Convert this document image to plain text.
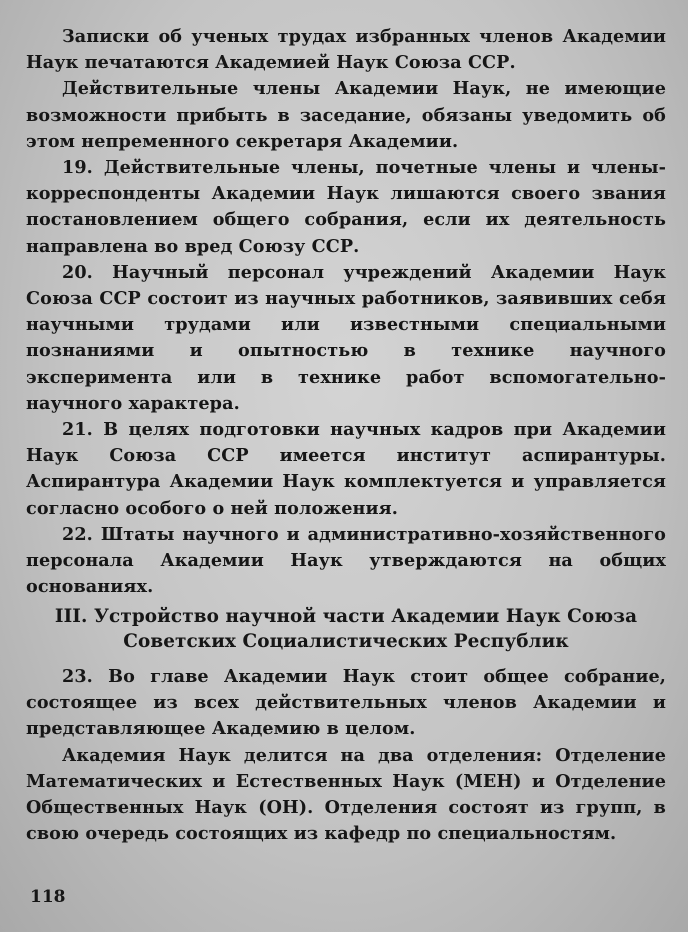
Записки об ученых трудах избранных членов Академии Наук печатаются Академией Наук Союза ССР.

Действительные члены Академии Наук, не имеющие возможности прибыть в заседание, обязаны уведомить об этом непременного секретаря Академии.

19. Действительные члены, почетные члены и члены-корреспонденты Академии Наук лишаются своего звания постановлением общего собрания, если их деятельность направлена во вред Союзу ССР.

20. Научный персонал учреждений Академии Наук Союза ССР состоит из научных работников, заявивших себя научными трудами или известными специальными познаниями и опытностью в технике научного эксперимента или в технике работ вспомогательно-научного характера.

21. В целях подготовки научных кадров при Академии Наук Союза ССР имеется институт аспирантуры. Аспирантура Академии Наук комплектуется и управляется согласно особого о ней положения.

22. Штаты научного и административно-хозяйственного персонала Академии Наук утверждаются на общих основаниях.

III. Устройство научной части Академии Наук Союза
Советских Социалистических Республик

23. Во главе Академии Наук стоит общее собрание, состоящее из всех действительных членов Академии и представляющее Академию в целом.

Академия Наук делится на два отделения: Отделение Математических и Естественных Наук (МЕН) и Отделение Общественных Наук (ОН). Отделения состоят из групп, в свою очередь состоящих из кафедр по специальностям.

118
